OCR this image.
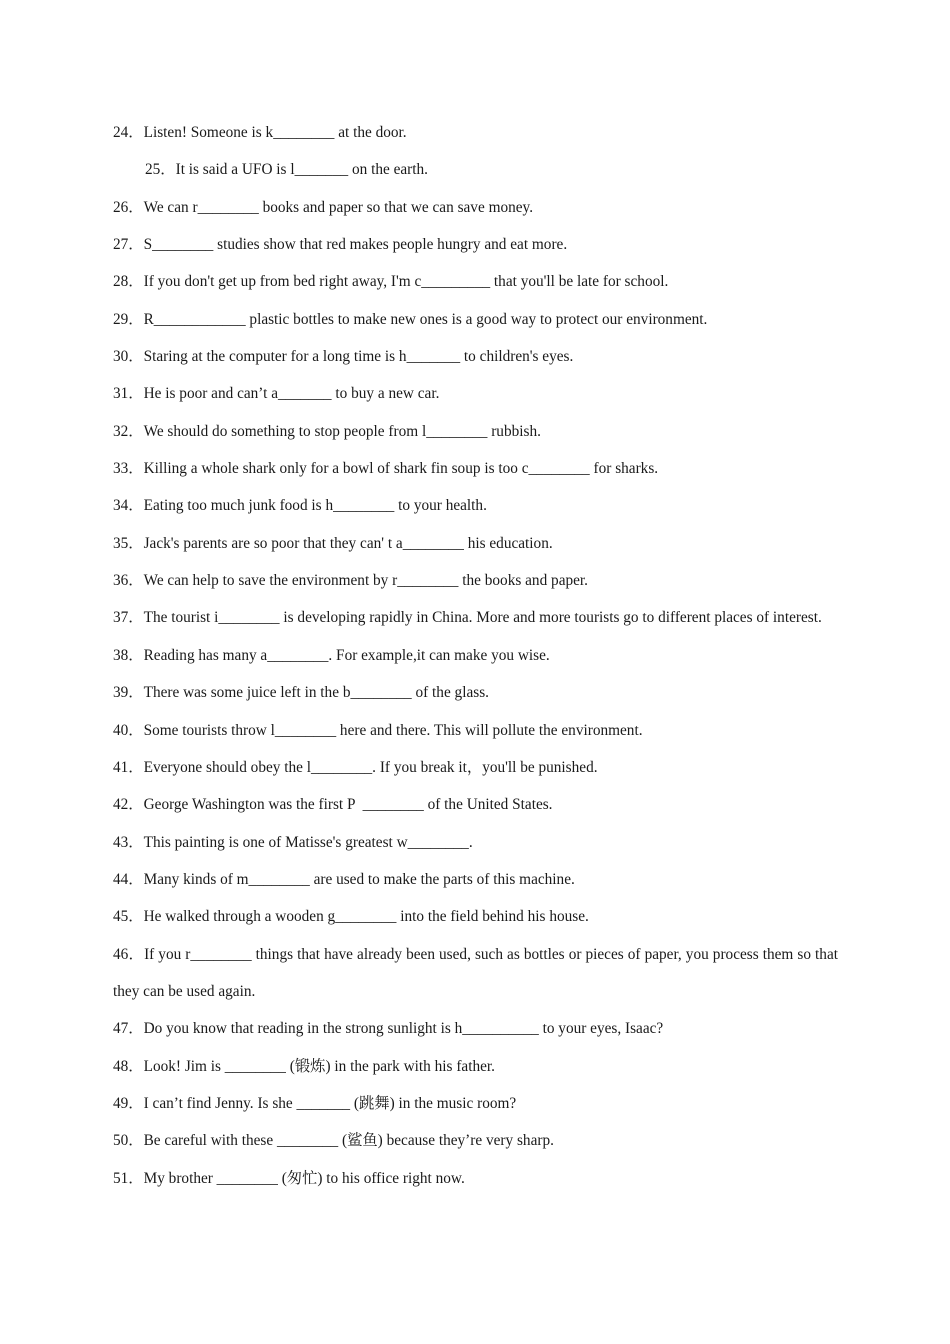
24．Listen! Someone is k________ at the door.
25．It is said a UFO is l_______ on the earth.
26．We can r________ books and paper so that we can save money.
27．S________ studies show that red makes people hungry and eat more.
28．If you don't get up from bed right away, I'm c_________ that you'll be late for school.
29．R____________ plastic bottles to make new ones is a good way to protect our environment.
30．Staring at the computer for a long time is h_______ to children's eyes.
31．He is poor and can’t a_______ to buy a new car.
32．We should do something to stop people from l________ rubbish.
33．Killing a whole shark only for a bowl of shark fin soup is too c________ for sharks.
34．Eating too much junk food is h________ to your health.
35．Jack's parents are so poor that they can' t a________ his education.
36．We can help to save the environment by r________ the books and paper.
37．The tourist i________ is developing rapidly in China. More and more tourists go to different places of interest.
38．Reading has many a________. For example,it can make you wise.
39．There was some juice left in the b________ of the glass.
40．Some tourists throw l________ here and there. This will pollute the environment.
41．Everyone should obey the l________. If you break it，you'll be punished.
42．George Washington was the first P  ________ of the United States.
43．This painting is one of Matisse's greatest w________.
44．Many kinds of m________ are used to make the parts of this machine.
45．He walked through a wooden g________ into the field behind his house.
46．If you r________ things that have already been used, such as bottles or pieces of paper, you process them so that they can be used again.
47．Do you know that reading in the strong sunlight is h__________ to your eyes, Isaac?
48．Look! Jim is ________ (锻炼) in the park with his father.
49．I can’t find Jenny. Is she _______ (跳舞) in the music room?
50．Be careful with these ________ (鲨鱼) because they’re very sharp.
51．My brother ________ (匆忙) to his office right now.
